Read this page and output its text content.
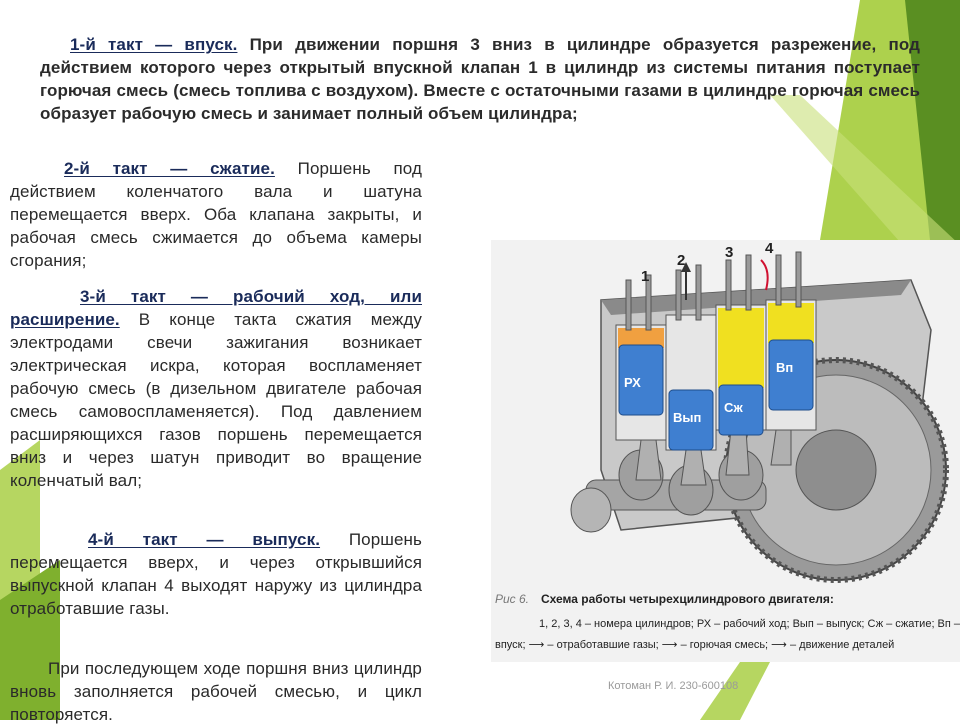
1-й такт — впуск. При движении поршня 3 вниз в цилиндре образуется разрежение, под действием которого через открытый впускной клапан 1 в цилиндр из системы питания поступает горючая смесь (смесь топлива с воздухом). Вместе с остаточными газами в цилиндре горючая смесь образует рабочую смесь и занимает полный объем цилиндра;
2-й такт — сжатие. Поршень под действием коленчатого вала и шатуна перемещается вверх. Оба клапана закрыты, и рабочая смесь сжимается до объема камеры сгорания;
3-й такт — рабочий ход, или расширение. В конце такта сжатия между электродами свечи зажигания возникает электрическая искра, которая воспламеняет рабочую смесь (в дизельном двигателе рабочая смесь самовоспламеняется). Под давлением расширяющихся газов поршень перемещается вниз и через шатун приводит во вращение коленчатый вал;
4-й такт — выпуск. Поршень перемещается вверх, и через открывшийся выпускной клапан 4 выходят наружу из цилиндра отработавшие газы.
При последующем ходе поршня вниз цилиндр вновь заполняется рабочей смесью, и цикл повторяется.
1
2	3 4
РХ
Вып
Сж
Вп
Рис 6. Схема работы четырехцилиндрового двигателя:
1, 2, 3, 4 – номера цилиндров; РХ – рабочий ход; Вып – выпуск; Сж – сжатие; Вп –
впуск; ⟶ – отработавшие газы; ⟶ – горючая смесь; ⟶ – движение деталей
Котоман Р. И. 230-600108
